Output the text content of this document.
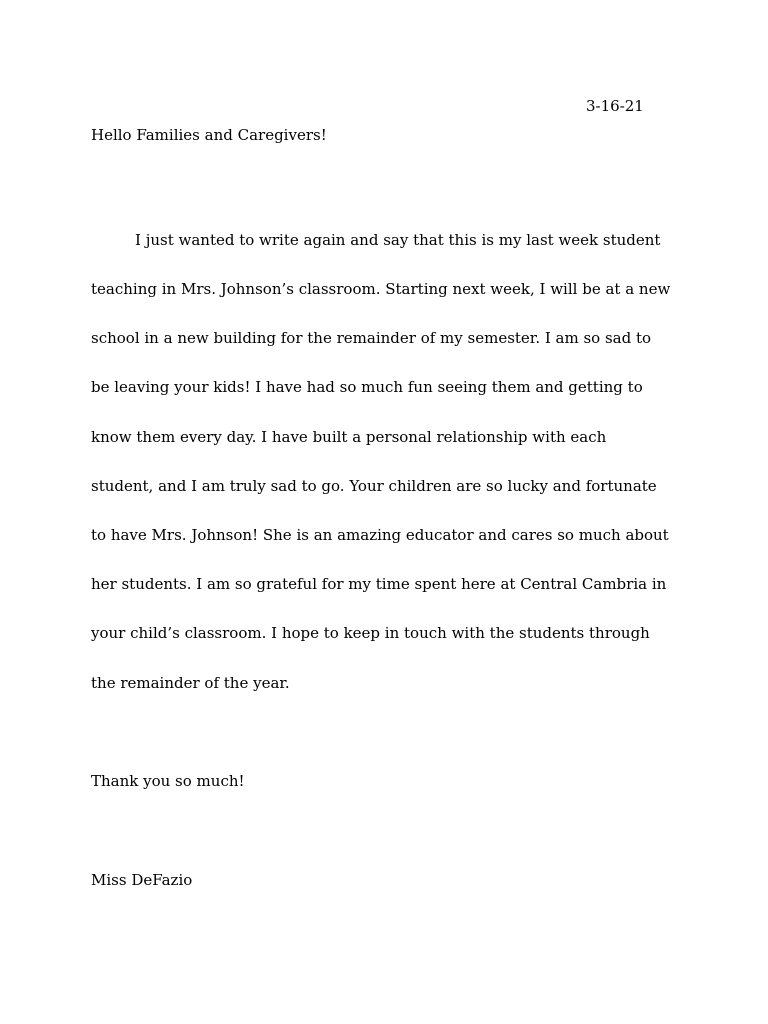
3-16-21
Hello Families and Caregivers!
I just wanted to write again and say that this is my last week student
teaching in Mrs. Johnson’s classroom. Starting next week, I will be at a new
school in a new building for the remainder of my semester. I am so sad to
be leaving your kids! I have had so much fun seeing them and getting to
know them every day. I have built a personal relationship with each
student, and I am truly sad to go. Your children are so lucky and fortunate
to have Mrs. Johnson! She is an amazing educator and cares so much about
her students. I am so grateful for my time spent here at Central Cambria in
your child’s classroom. I hope to keep in touch with the students through
the remainder of the year.
Thank you so much!
Miss DeFazio
